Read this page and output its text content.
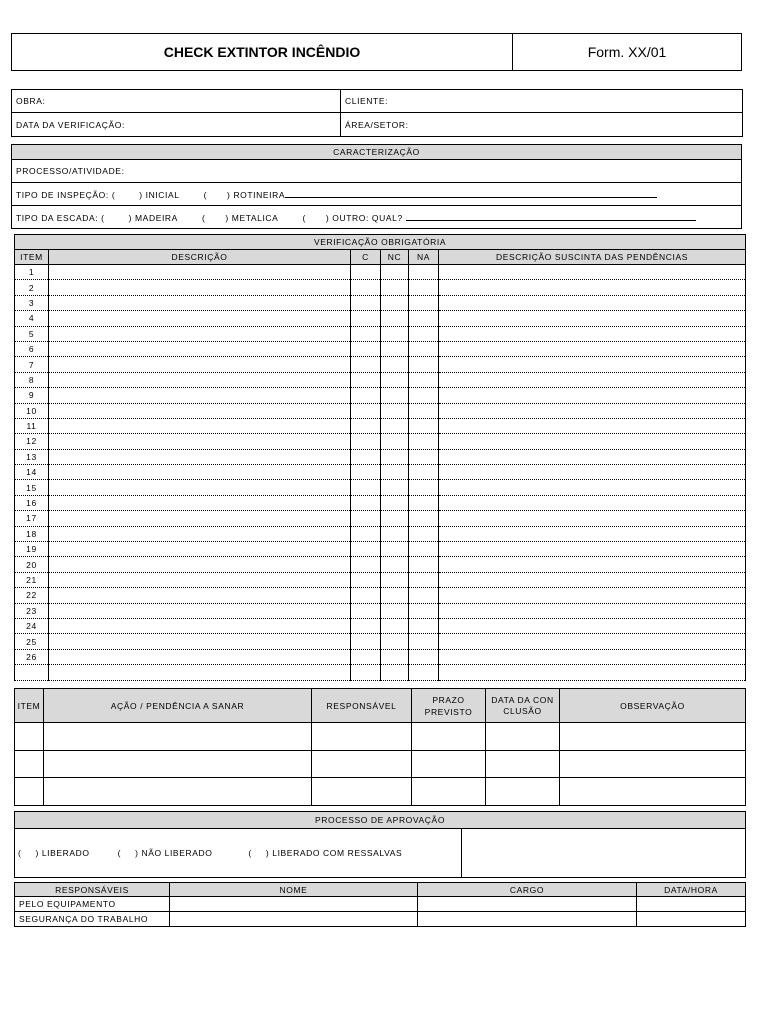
CHECK EXTINTOR INCÊNDIO	Form. XX/01
OBRA:	CLIENTE:
DATA DA VERIFICAÇÃO:	ÁREA/SETOR:
CARACTERIZAÇÃO
PROCESSO/ATIVIDADE:
TIPO DE INSPEÇÃO: (	) INICIAL	( ) ROTINEIRA
TIPO DA ESCADA: (	) MADEIRA	( ) METALICA	( ) OUTRO: QUAL?
VERIFICAÇÃO OBRIGATÓRIA					
ITEM	DESCRIÇÃO	C	NC	NA	DESCRIÇÃO SUSCINTA DAS PENDÊNCIAS
1					
2					
3					
4					
5					
6					
7					
8					
9					
10					
11					
12					
13					
14					
15					
16					
17					
18					
19					
20					
21					
22					
23					
24					
25					
26					

ITEM	AÇÃO / PENDÊNCIA A SANAR	RESPONSÁVEL	PRAZO PREVISTO	DATA DA CONCLUSÃO	OBSERVAÇÃO

PROCESSO DE APROVAÇÃO
( ) LIBERADO	( ) NÃO LIBERADO	( ) LIBERADO COM RESSALVAS	
RESPONSÁVEIS	NOME	CARGO	DATA/HORA
PELO EQUIPAMENTO			
SEGURANÇA DO TRABALHO			
